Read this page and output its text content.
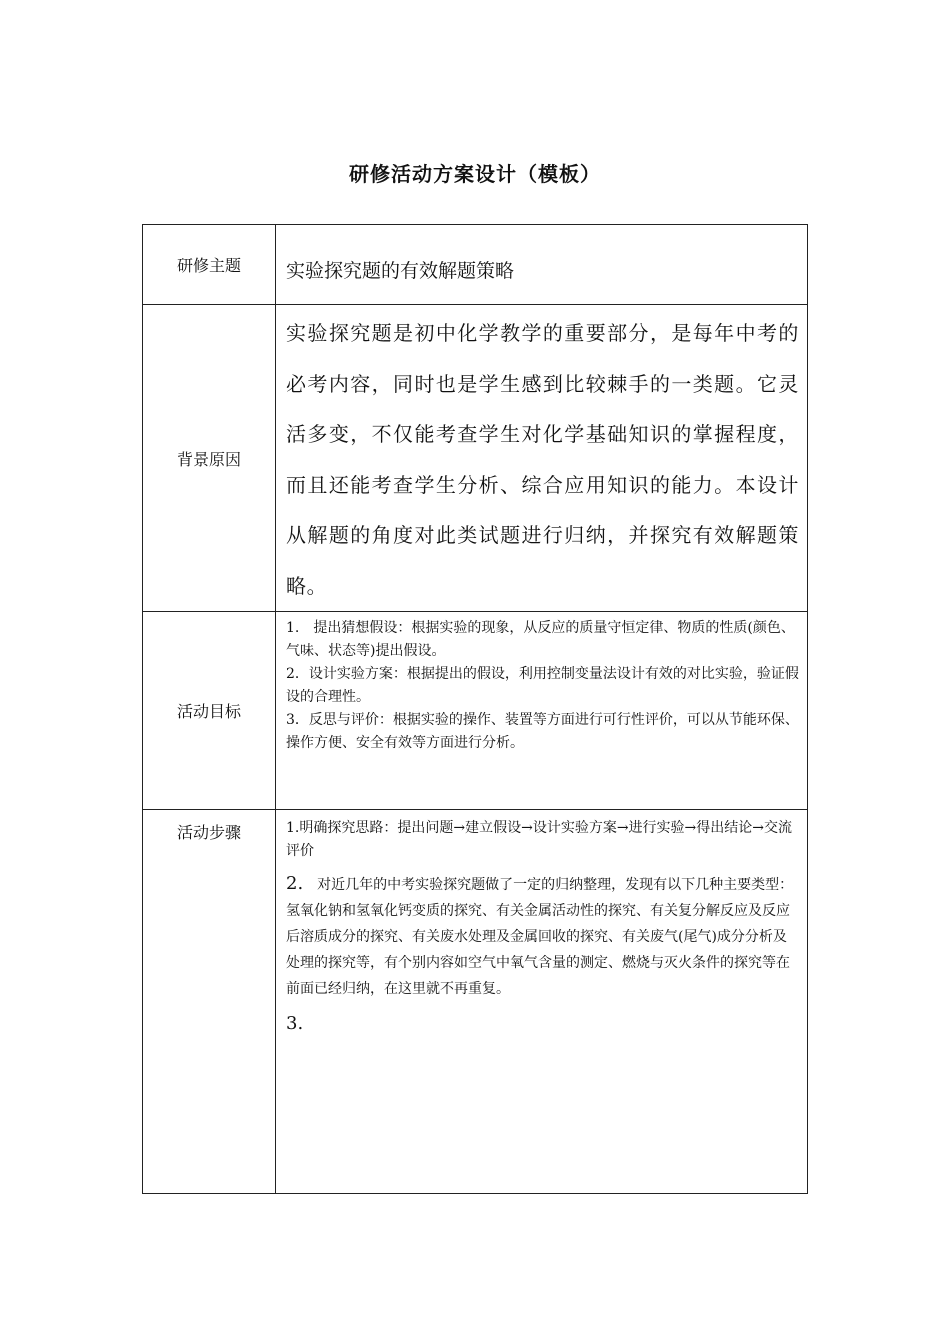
研修活动方案设计（模板）
研修主题	实验探究题的有效解题策略

背景原因	实验探究题是初中化学教学的重要部分，是每年中考的必考内容，同时也是学生感到比较棘手的一类题。它灵活多变，不仅能考查学生对化学基础知识的掌握程度，而且还能考查学生分析、综合应用知识的能力。本设计从解题的角度对此类试题进行归纳，并探究有效解题策略。

活动目标	1.　提出猜想假设：根据实验的现象，从反应的质量守恒定律、物质的性质(颜色、气味、状态等)提出假设。

2．设计实验方案：根据提出的假设，利用控制变量法设计有效的对比实验，验证假设的合理性。

3．反思与评价：根据实验的操作、装置等方面进行可行性评价，可以从节能环保、操作方便、安全有效等方面进行分析。

活动步骤	1.明确探究思路：提出问题→建立假设→设计实验方案→进行实验→得出结论→交流评价

2.　对近几年的中考实验探究题做了一定的归纳整理，发现有以下几种主要类型：氢氧化钠和氢氧化钙变质的探究、有关金属活动性的探究、有关复分解反应及反应后溶质成分的探究、有关废水处理及金属回收的探究、有关废气(尾气)成分分析及处理的探究等，有个别内容如空气中氧气含量的测定、燃烧与灭火条件的探究等在前面已经归纳，在这里就不再重复。

3.
